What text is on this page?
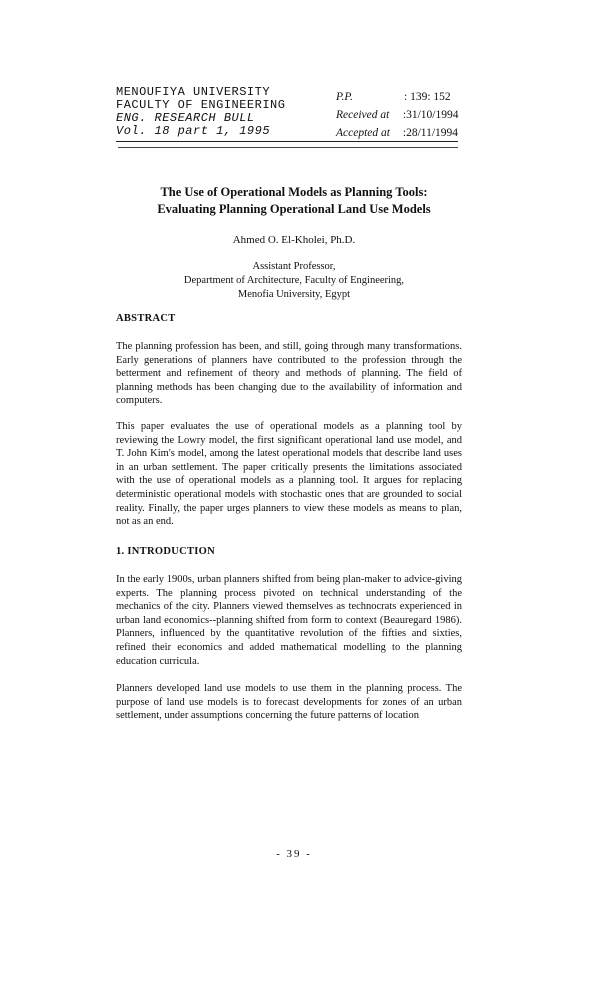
MENOUFIYA UNIVERSITY
FACULTY OF ENGINEERING
ENG. RESEARCH BULL
Vol. 18 part 1, 1995
P.P.	: 139: 152
Received at :31/10/1994
Accepted at :28/11/1994
The Use of Operational Models as Planning Tools:
Evaluating Planning Operational Land Use Models
Ahmed O. El-Kholei, Ph.D.
Assistant Professor,
Department of Architecture, Faculty of Engineering,
Menofia University, Egypt
ABSTRACT

The planning profession has been, and still, going through many transformations. Early generations of planners have contributed to the profession through the betterment and refinement of theory and methods of planning. The field of planning methods has been changing due to the availability of information and computers.

This paper evaluates the use of operational models as a planning tool by reviewing the Lowry model, the first significant operational land use model, and T. John Kim's model, among the latest operational models that describe land uses in an urban settlement. The paper critically presents the limitations associated with the use of operational models as a planning tool. It argues for replacing deterministic operational models with stochastic ones that are grounded to social reality. Finally, the paper urges planners to view these models as means to plan, not as an end.

1. INTRODUCTION

In the early 1900s, urban planners shifted from being plan-maker to advice-giving experts. The planning process pivoted on technical understanding of the mechanics of the city. Planners viewed themselves as technocrats experienced in urban land economics--planning shifted from form to context (Beauregard 1986). Planners, influenced by the quantitative revolution of the fifties and sixties, refined their economics and added mathematical modelling to the planning education curricula.

Planners developed land use models to use them in the planning process. The purpose of land use models is to forecast developments for zones of an urban settlement, under assumptions concerning the future patterns of location

- 39 -
